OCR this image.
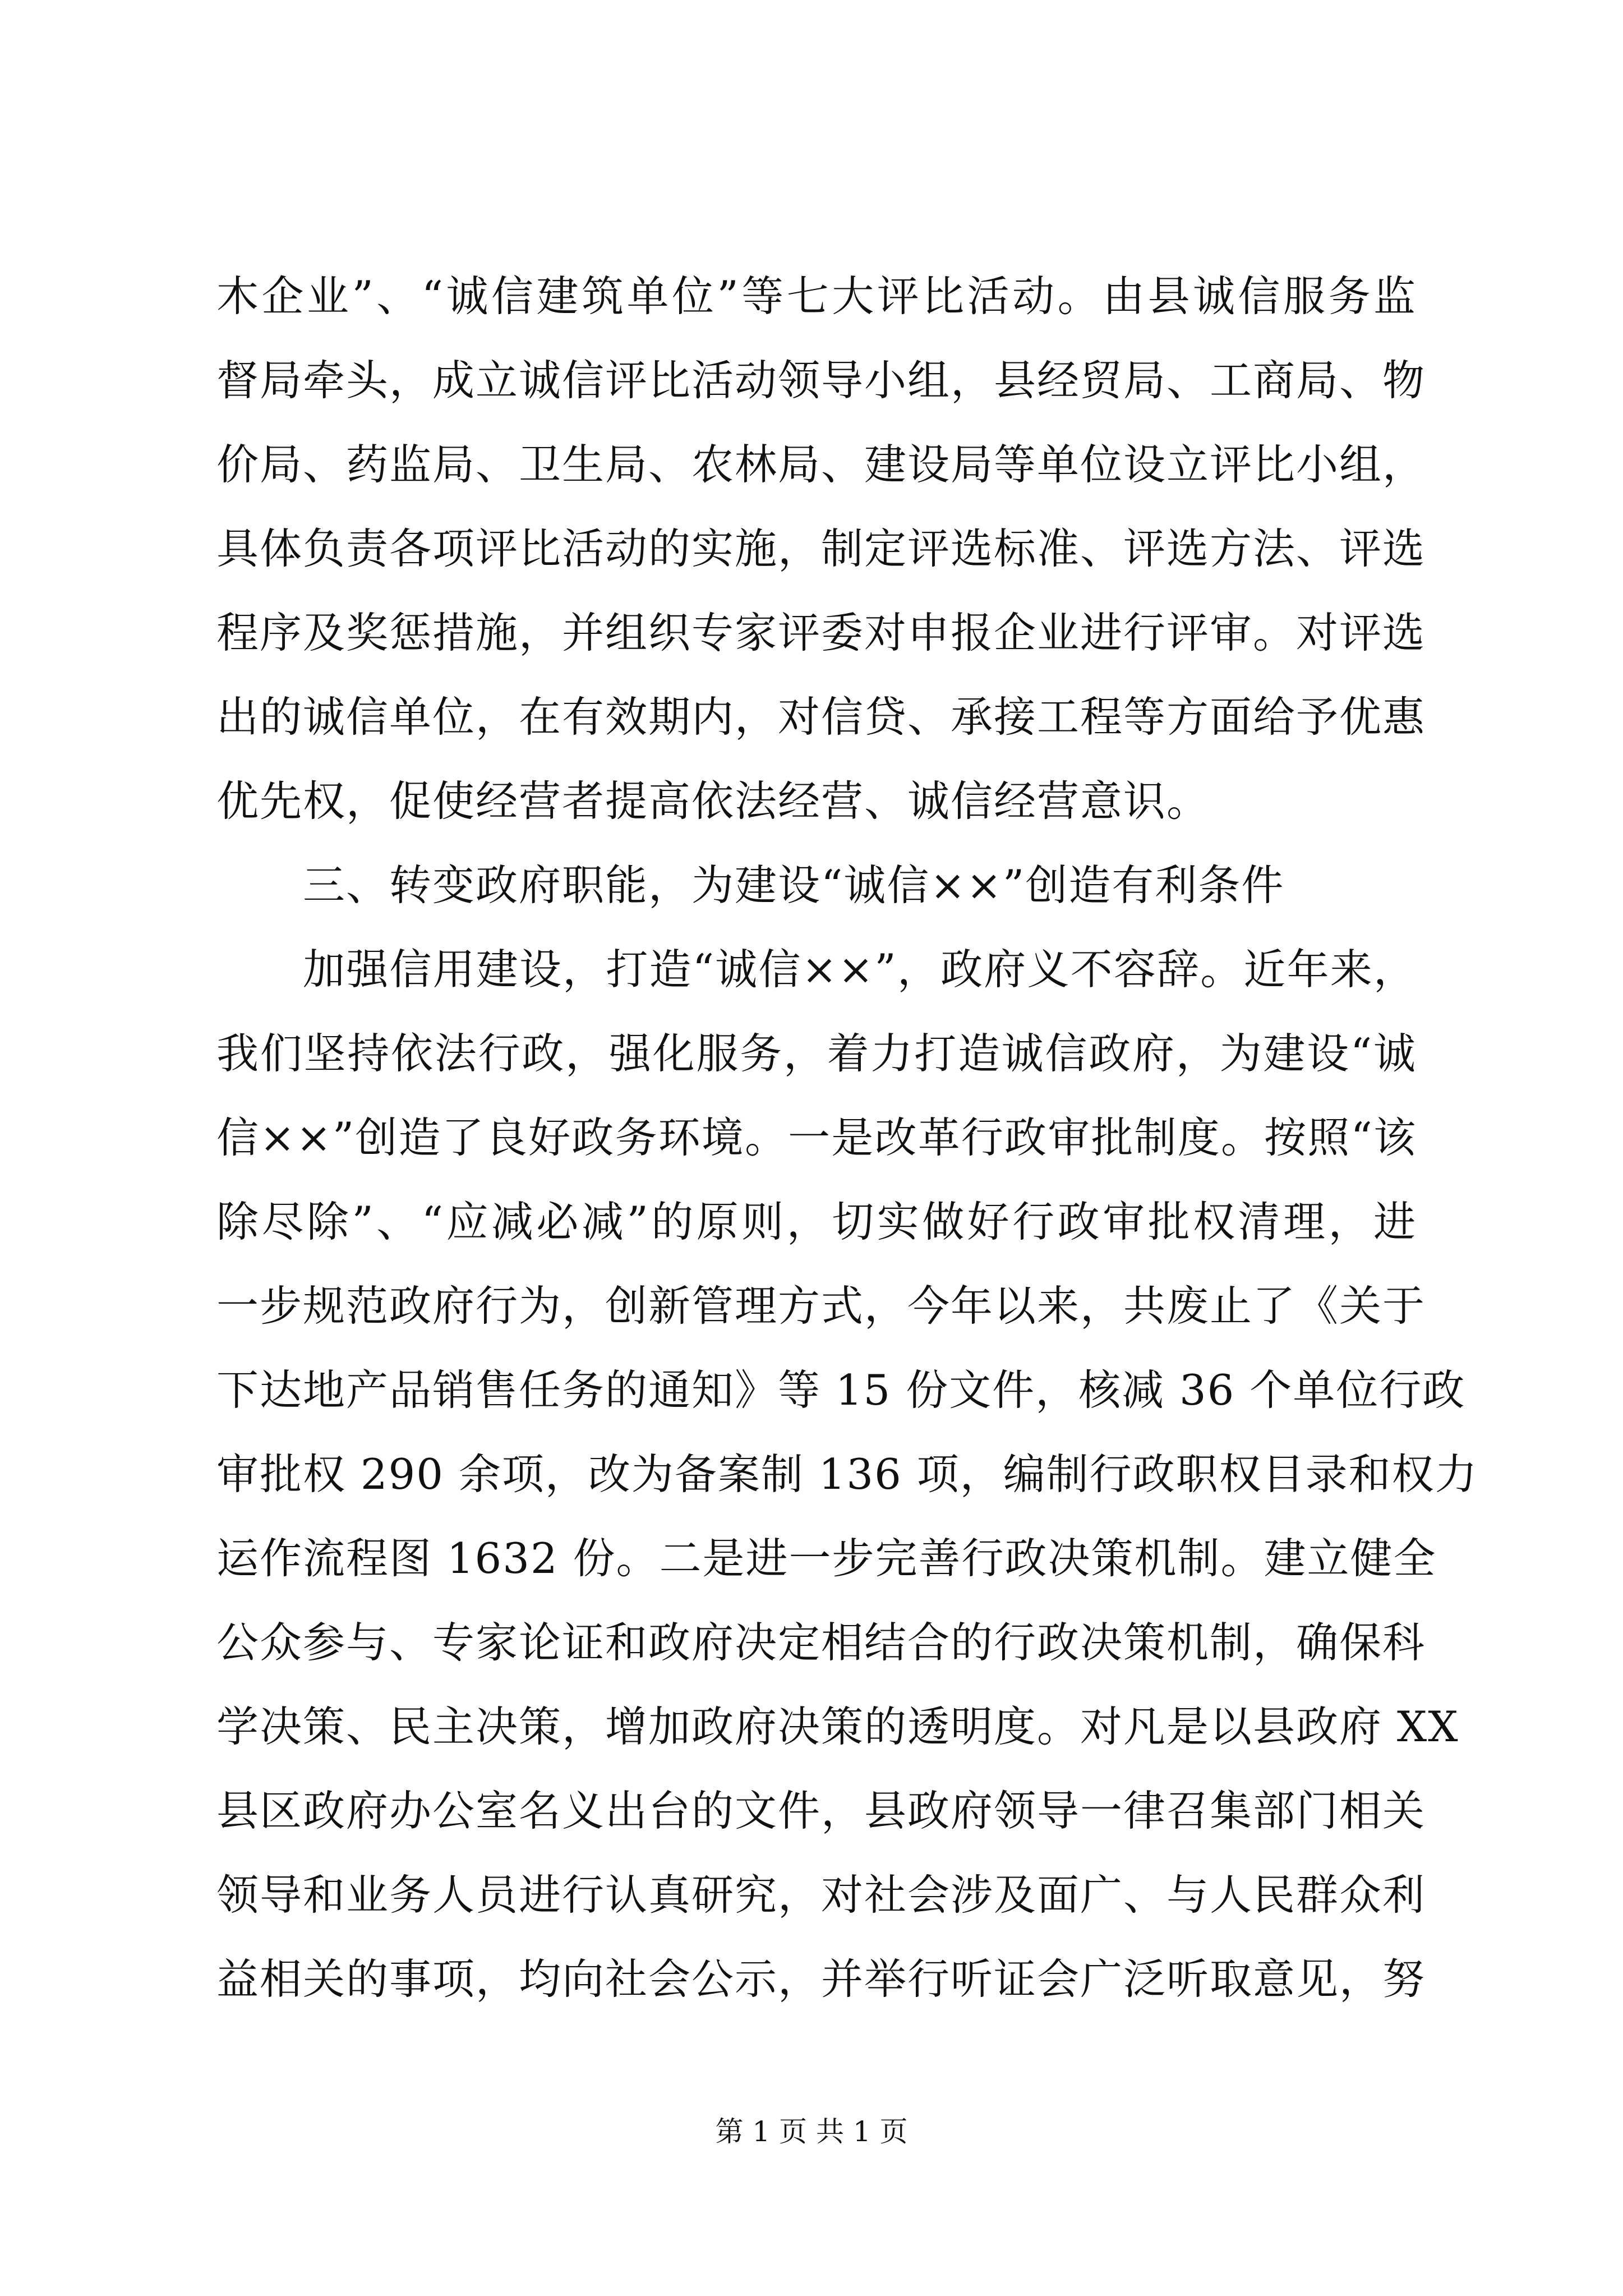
木企业”、“诚信建筑单位”等七大评比活动。由县诚信服务监
督局牵头，成立诚信评比活动领导小组，县经贸局、工商局、物
价局、药监局、卫生局、农林局、建设局等单位设立评比小组，
具体负责各项评比活动的实施，制定评选标准、评选方法、评选
程序及奖惩措施，并组织专家评委对申报企业进行评审。对评选
出的诚信单位，在有效期内，对信贷、承接工程等方面给予优惠
优先权，促使经营者提高依法经营、诚信经营意识。
三、转变政府职能，为建设“诚信××”创造有利条件
加强信用建设，打造“诚信××”，政府义不容辞。近年来，
我们坚持依法行政，强化服务，着力打造诚信政府，为建设“诚
信××”创造了良好政务环境。一是改革行政审批制度。按照“该
除尽除”、“应减必减”的原则，切实做好行政审批权清理，进
一步规范政府行为，创新管理方式，今年以来，共废止了《关于
下达地产品销售任务的通知》等 15 份文件，核减 36 个单位行政
审批权 290 余项，改为备案制 136 项，编制行政职权目录和权力
运作流程图 1632 份。二是进一步完善行政决策机制。建立健全
公众参与、专家论证和政府决定相结合的行政决策机制，确保科
学决策、民主决策，增加政府决策的透明度。对凡是以县政府 XX
县区政府办公室名义出台的文件，县政府领导一律召集部门相关
领导和业务人员进行认真研究，对社会涉及面广、与人民群众利
益相关的事项，均向社会公示，并举行听证会广泛听取意见，努
第 1 页 共 1 页
